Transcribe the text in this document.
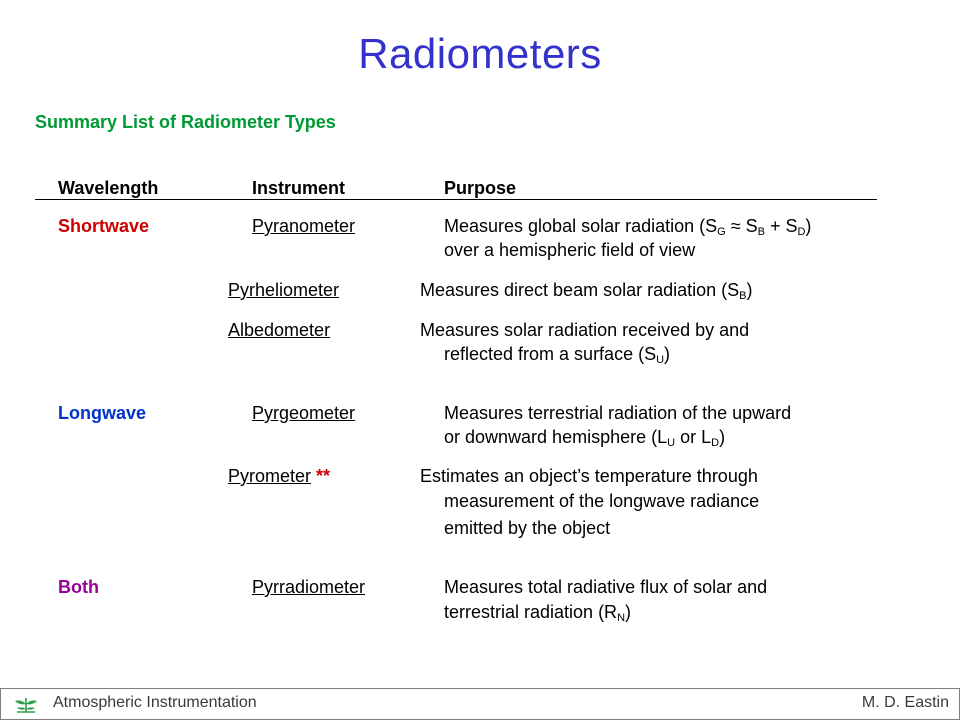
Radiometers
Summary List of Radiometer Types
Wavelength	Instrument	Purpose
Shortwave	Pyranometer	Measures global solar radiation $(S_G \approx S_B + S_D)$
over a hemispheric field of view
Pyrheliometer	Measures direct beam solar radiation $(S_B)$
Albedometer	Measures solar radiation received by and
reflected from a surface $(S_U)$
Longwave	Pyrgeometer	Measures terrestrial radiation of the upward
or downward hemisphere ($L_U$ or $L_D$)
Pyrometer **	Estimates an object’s temperature through
measurement of the longwave radiance
emitted by the object
Both	Pyrradiometer	Measures total radiative flux of solar and
terrestrial radiation $(R_N)$
Atmospheric Instrumentation	M. D. Eastin
